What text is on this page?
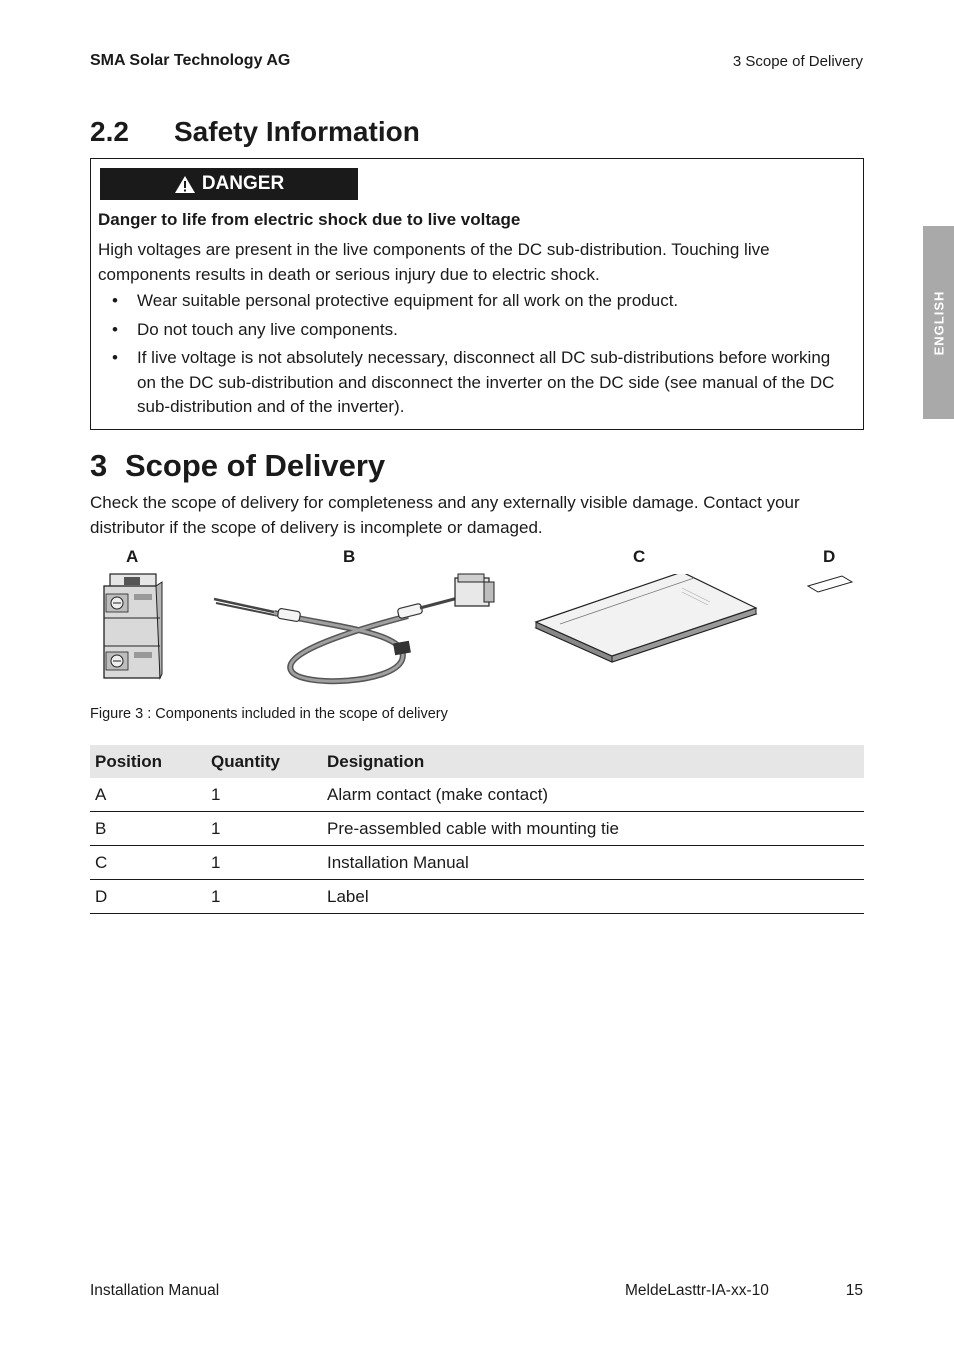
SMA Solar Technology AG	3 Scope of Delivery
ENGLISH
2.2 Safety Information
DANGER
Danger to life from electric shock due to live voltage
High voltages are present in the live components of the DC sub-distribution. Touching live components results in death or serious injury due to electric shock.
• Wear suitable personal protective equipment for all work on the product.
• Do not touch any live components.
• If live voltage is not absolutely necessary, disconnect all DC sub-distributions before working on the DC sub-distribution and disconnect the inverter on the DC side (see manual of the DC sub-distribution and of the inverter).
3 Scope of Delivery
Check the scope of delivery for completeness and any externally visible damage. Contact your distributor if the scope of delivery is incomplete or damaged.
A	B	C	D
Figure 3 : Components included in the scope of delivery
Position	Quantity	Designation
A	1	Alarm contact (make contact)
B	1	Pre-assembled cable with mounting tie
C	1	Installation Manual
D	1	Label
Installation Manual	MeldeLasttr-IA-xx-10	15
